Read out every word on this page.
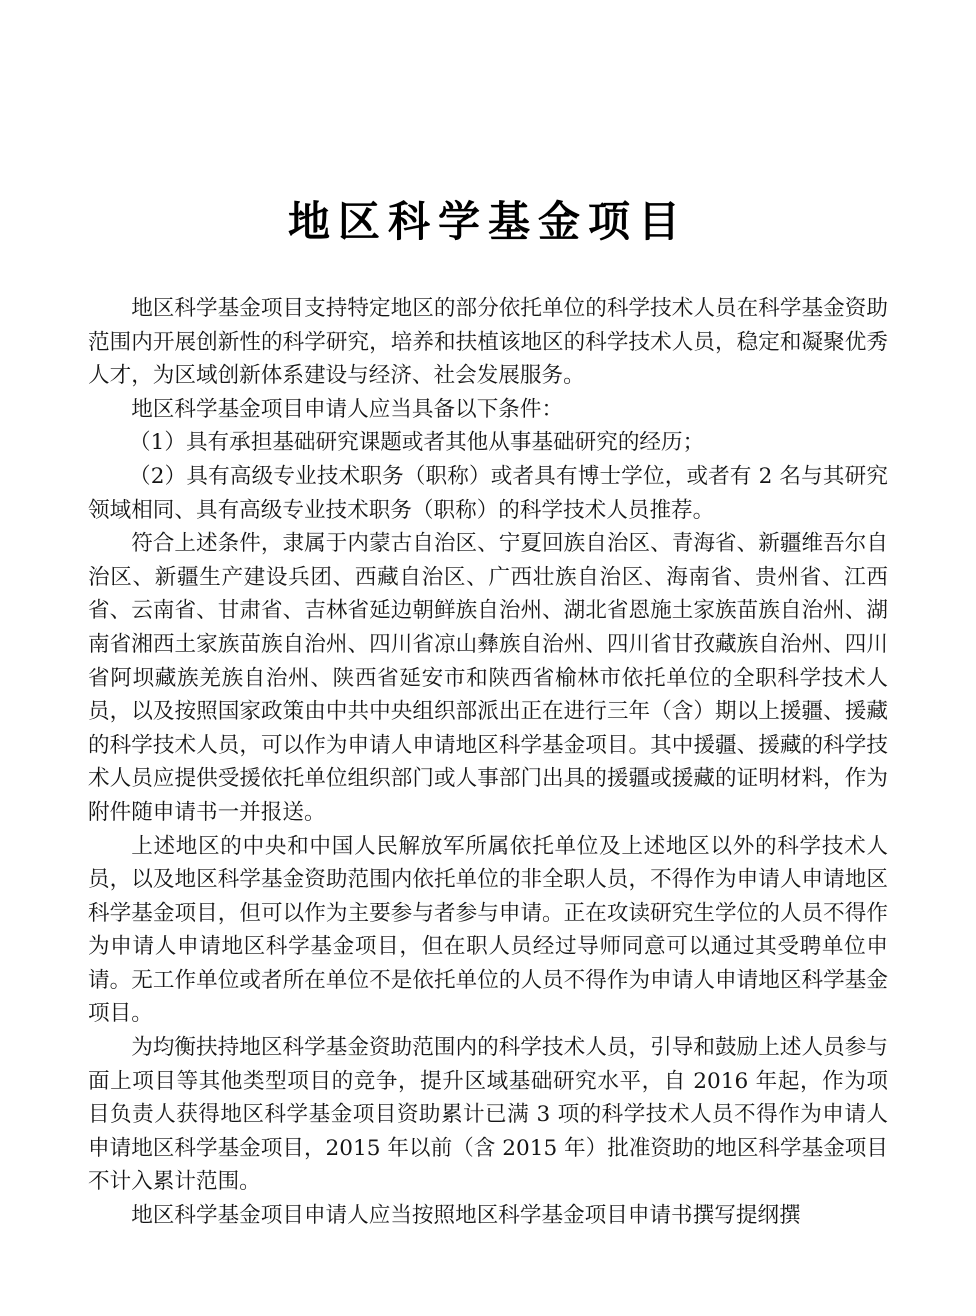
地区科学基金项目

地区科学基金项目支持特定地区的部分依托单位的科学技术人员在科学基金资助范围内开展创新性的科学研究，培养和扶植该地区的科学技术人员，稳定和凝聚优秀人才，为区域创新体系建设与经济、社会发展服务。

地区科学基金项目申请人应当具备以下条件：

（1）具有承担基础研究课题或者其他从事基础研究的经历；

（2）具有高级专业技术职务（职称）或者具有博士学位，或者有 2 名与其研究领域相同、具有高级专业技术职务（职称）的科学技术人员推荐。

符合上述条件，隶属于内蒙古自治区、宁夏回族自治区、青海省、新疆维吾尔自治区、新疆生产建设兵团、西藏自治区、广西壮族自治区、海南省、贵州省、江西省、云南省、甘肃省、吉林省延边朝鲜族自治州、湖北省恩施土家族苗族自治州、湖南省湘西土家族苗族自治州、四川省凉山彝族自治州、四川省甘孜藏族自治州、四川省阿坝藏族羌族自治州、陕西省延安市和陕西省榆林市依托单位的全职科学技术人员，以及按照国家政策由中共中央组织部派出正在进行三年（含）期以上援疆、援藏的科学技术人员，可以作为申请人申请地区科学基金项目。其中援疆、援藏的科学技术人员应提供受援依托单位组织部门或人事部门出具的援疆或援藏的证明材料，作为附件随申请书一并报送。

上述地区的中央和中国人民解放军所属依托单位及上述地区以外的科学技术人员，以及地区科学基金资助范围内依托单位的非全职人员，不得作为申请人申请地区科学基金项目，但可以作为主要参与者参与申请。正在攻读研究生学位的人员不得作为申请人申请地区科学基金项目，但在职人员经过导师同意可以通过其受聘单位申请。无工作单位或者所在单位不是依托单位的人员不得作为申请人申请地区科学基金项目。

为均衡扶持地区科学基金资助范围内的科学技术人员，引导和鼓励上述人员参与面上项目等其他类型项目的竞争，提升区域基础研究水平，自 2016 年起，作为项目负责人获得地区科学基金项目资助累计已满 3 项的科学技术人员不得作为申请人申请地区科学基金项目，2015 年以前（含 2015 年）批准资助的地区科学基金项目不计入累计范围。

地区科学基金项目申请人应当按照地区科学基金项目申请书撰写提纲撰
